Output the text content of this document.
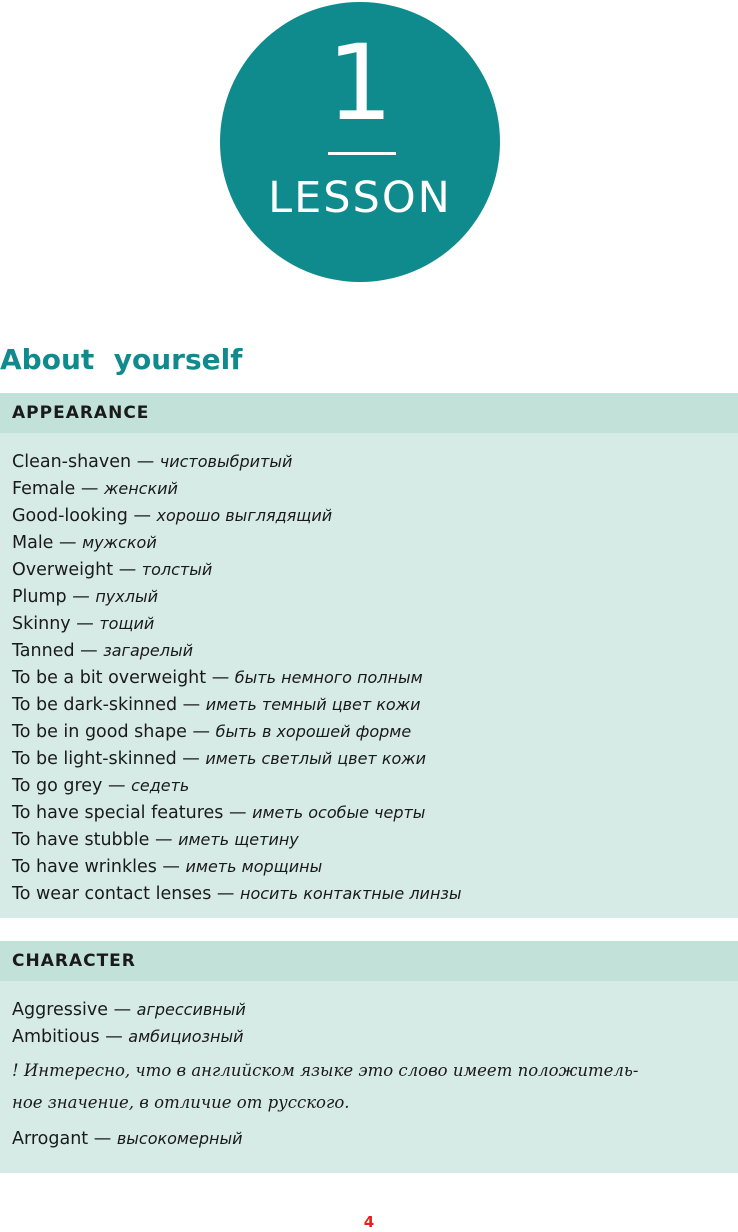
1
LESSON
About  yourself
APPEARANCE
Clean-shaven — чистовыбритый
Female — женский
Good-looking — хорошо выглядящий
Male — мужской
Overweight — толстый
Plump — пухлый
Skinny — тощий
Tanned — загарелый
To be a bit overweight — быть немного полным
To be dark-skinned — иметь темный цвет кожи
To be in good shape — быть в хорошей форме
To be light-skinned — иметь светлый цвет кожи
To go grey — седеть
To have special features — иметь особые черты
To have stubble — иметь щетину
To have wrinkles — иметь морщины
To wear contact lenses — носить контактные линзы
CHARACTER
Aggressive — агрессивный
Ambitious — амбициозный
! Интересно, что в английском языке это слово имеет положитель-
ное значение, в отличие от русского.
Arrogant — высокомерный
4
